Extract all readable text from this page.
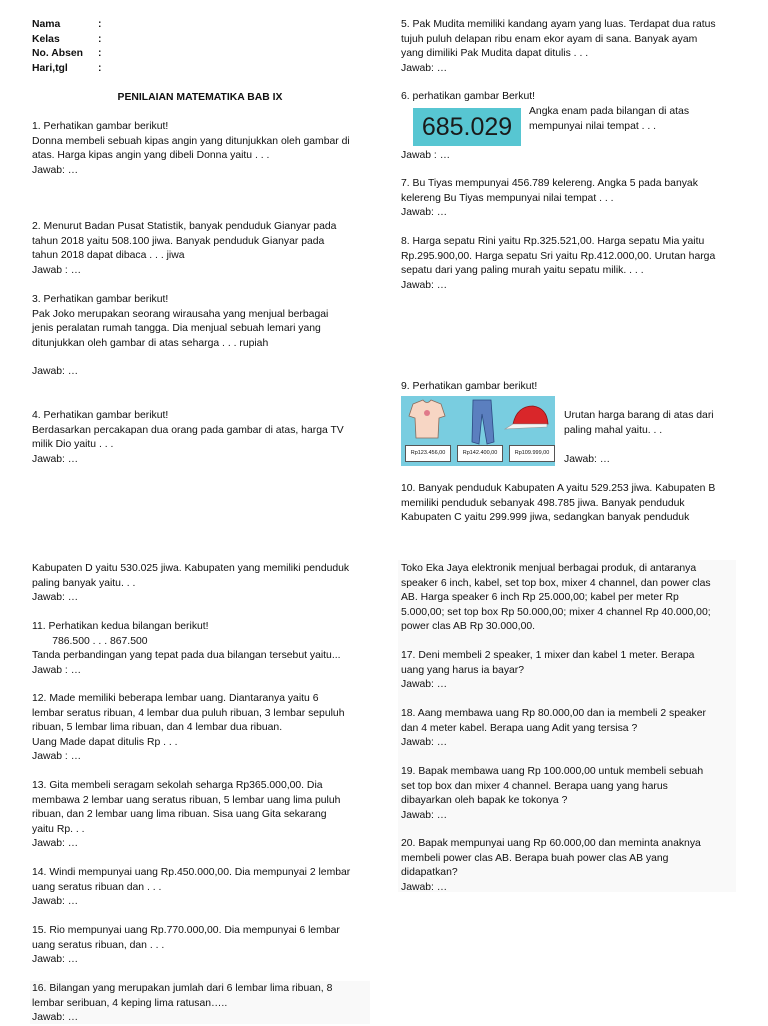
Nama	:
Kelas	:
No. Absen	:
Hari,tgl	:
PENILAIAN MATEMATIKA BAB IX
1. Perhatikan gambar berikut!
Donna membeli sebuah kipas angin yang ditunjukkan oleh gambar di
atas. Harga kipas angin yang dibeli Donna yaitu . . .
Jawab: …
2. Menurut Badan Pusat Statistik, banyak penduduk Gianyar pada
tahun 2018 yaitu 508.100 jiwa. Banyak penduduk Gianyar pada
tahun 2018 dapat dibaca . . . jiwa
Jawab : …
3. Perhatikan gambar berikut!
Pak Joko merupakan seorang wirausaha yang menjual berbagai
jenis peralatan rumah tangga. Dia menjual sebuah lemari yang
ditunjukkan oleh gambar di atas seharga . . . rupiah
Jawab: …
4. Perhatikan gambar berikut!
Berdasarkan percakapan dua orang pada gambar di atas, harga TV
milik Dio yaitu . . .
Jawab: …
Kabupaten D yaitu 530.025 jiwa. Kabupaten yang memiliki penduduk
paling banyak yaitu. . .
Jawab: …
11. Perhatikan kedua bilangan berikut!
786.500 . . . 867.500
Tanda perbandingan yang tepat pada dua bilangan tersebut yaitu...
Jawab : …
12. Made memiliki beberapa lembar uang. Diantaranya yaitu 6
lembar seratus ribuan, 4 lembar dua puluh ribuan, 3 lembar sepuluh
ribuan, 5 lembar lima ribuan, dan 4 lembar dua ribuan.
Uang Made dapat ditulis Rp . . .
Jawab : …
13. Gita membeli seragam sekolah seharga Rp365.000,00. Dia
membawa 2 lembar uang seratus ribuan, 5 lembar uang lima puluh
ribuan, dan 2 lembar uang lima ribuan. Sisa uang Gita sekarang
yaitu Rp. . .
Jawab: …
14. Windi mempunyai uang Rp.450.000,00. Dia mempunyai 2 lembar
uang seratus ribuan dan . . .
Jawab: …
15. Rio mempunyai uang Rp.770.000,00. Dia mempunyai 6 lembar
uang seratus ribuan, dan . . .
Jawab: …
16. Bilangan yang merupakan jumlah dari 6 lembar lima ribuan, 8
lembar seribuan, 4 keping lima ratusan…..
Jawab: …
5. Pak Mudita memiliki kandang ayam yang luas. Terdapat dua ratus
tujuh puluh delapan ribu enam ekor ayam di sana. Banyak ayam
yang dimiliki Pak Mudita dapat ditulis . . .
Jawab: …
6. perhatikan gambar Berkut!
685.029
Angka enam pada bilangan di atas
mempunyai nilai tempat . . .
Jawab : …
7. Bu Tiyas mempunyai 456.789 kelereng. Angka 5 pada banyak
kelereng Bu Tiyas mempunyai nilai tempat . . .
Jawab: …
8. Harga sepatu Rini yaitu Rp.325.521,00. Harga sepatu Mia yaitu
Rp.295.900,00. Harga sepatu Sri yaitu Rp.412.000,00. Urutan harga
sepatu dari yang paling murah yaitu sepatu milik. . . .
Jawab: …
9. Perhatikan gambar berikut!
Rp123.456,00	Rp142.400,00	Rp109.999,00
Urutan harga barang di atas dari
paling mahal yaitu. . .
Jawab: …
10. Banyak penduduk Kabupaten A yaitu 529.253 jiwa. Kabupaten B
memiliki penduduk sebanyak 498.785 jiwa. Banyak penduduk
Kabupaten C yaitu 299.999 jiwa, sedangkan banyak penduduk
Toko Eka Jaya elektronik menjual berbagai produk, di antaranya
speaker 6 inch, kabel, set top box, mixer 4 channel, dan power clas
AB. Harga speaker 6 inch Rp 25.000,00; kabel per meter Rp
5.000,00; set top box Rp 50.000,00; mixer 4 channel Rp 40.000,00;
power clas AB Rp 30.000,00.
17. Deni membeli 2 speaker, 1 mixer dan kabel 1 meter. Berapa
uang yang harus ia bayar?
Jawab: …
18. Aang membawa uang Rp 80.000,00 dan ia membeli 2 speaker
dan 4 meter kabel. Berapa uang Adit yang tersisa ?
Jawab: …
19. Bapak membawa uang Rp 100.000,00 untuk membeli sebuah
set top box dan mixer 4 channel. Berapa uang yang harus
dibayarkan oleh bapak ke tokonya ?
Jawab: …
20. Bapak mempunyai uang Rp 60.000,00 dan meminta anaknya
membeli power clas AB. Berapa buah power clas AB yang
didapatkan?
Jawab: …
